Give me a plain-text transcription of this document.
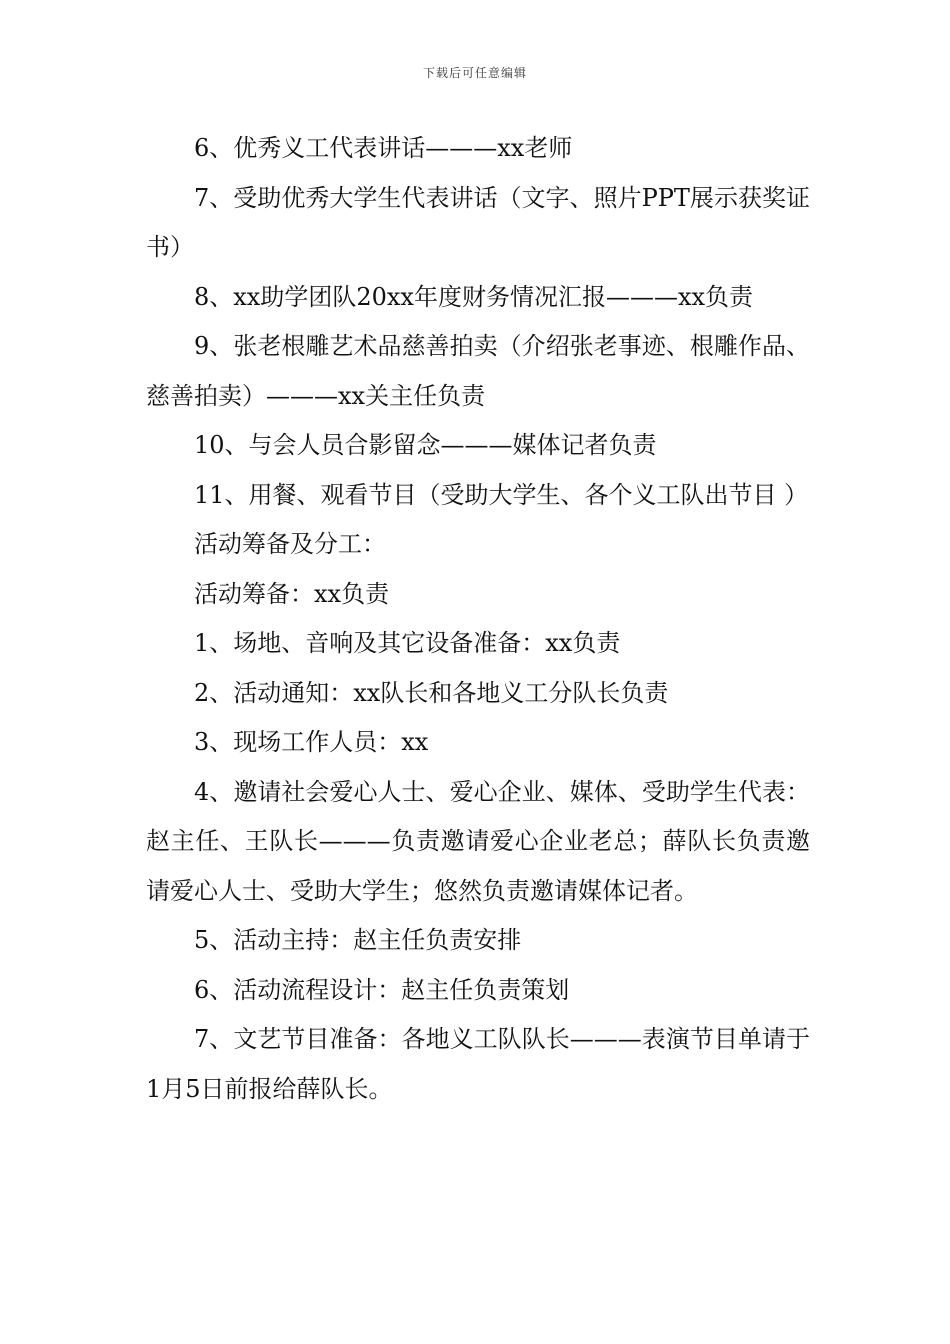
下载后可任意编辑

6、优秀义工代表讲话———xx老师

7、受助优秀大学生代表讲话（文字、照片PPT展示获奖证书）

8、xx助学团队20xx年度财务情况汇报———xx负责

9、张老根雕艺术品慈善拍卖（介绍张老事迹、根雕作品、慈善拍卖）———xx关主任负责

10、与会人员合影留念———媒体记者负责

11、用餐、观看节目（受助大学生、各个义工队出节目 ）

活动筹备及分工：

活动筹备：xx负责

1、场地、音响及其它设备准备：xx负责

2、活动通知：xx队长和各地义工分队长负责

3、现场工作人员：xx

4、邀请社会爱心人士、爱心企业、媒体、受助学生代表：赵主任、王队长———负责邀请爱心企业老总；薛队长负责邀请爱心人士、受助大学生；悠然负责邀请媒体记者。

5、活动主持：赵主任负责安排

6、活动流程设计：赵主任负责策划

7、文艺节目准备：各地义工队队长———表演节目单请于1月5日前报给薛队长。
